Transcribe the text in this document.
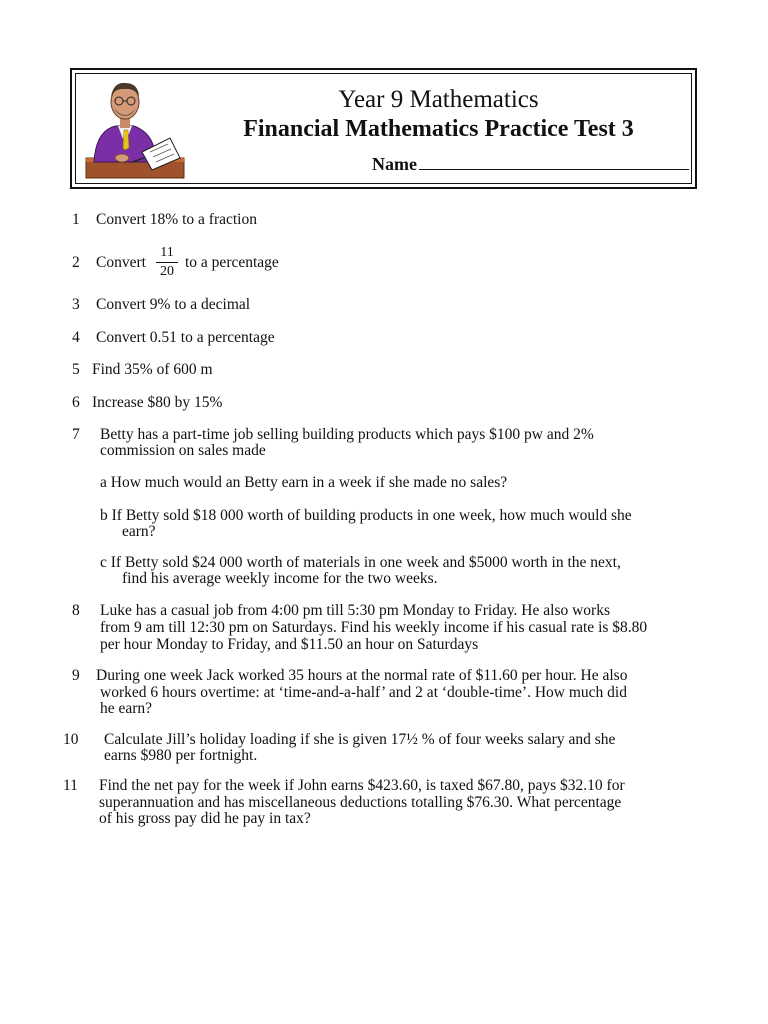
Year 9 Mathematics
Financial Mathematics Practice Test 3
Name
1 Convert 18% to a fraction
2 Convert
11
20
to a percentage
3 Convert 9% to a decimal
4 Convert 0.51 to a percentage
5 Find 35% of 600 m
6 Increase $80 by 15%
7 Betty has a part-time job selling building products which pays $100 pw and 2%
commission on sales made
a How much would an Betty earn in a week if she made no sales?
b If Betty sold $18 000 worth of building products in one week, how much would she
earn?
c If Betty sold $24 000 worth of materials in one week and $5000 worth in the next,
find his average weekly income for the two weeks.
8 Luke has a casual job from 4:00 pm till 5:30 pm Monday to Friday. He also works
from 9 am till 12:30 pm on Saturdays. Find his weekly income if his casual rate is $8.80
per hour Monday to Friday, and $11.50 an hour on Saturdays
9 During one week Jack worked 35 hours at the normal rate of $11.60 per hour. He also
worked 6 hours overtime: at ‘time-and-a-half’ and 2 at ‘double-time’. How much did
he earn?
10 Calculate Jill’s holiday loading if she is given 17½ % of four weeks salary and she
earns $980 per fortnight.
11 Find the net pay for the week if John earns $423.60, is taxed $67.80, pays $32.10 for
superannuation and has miscellaneous deductions totalling $76.30. What percentage
of his gross pay did he pay in tax?
